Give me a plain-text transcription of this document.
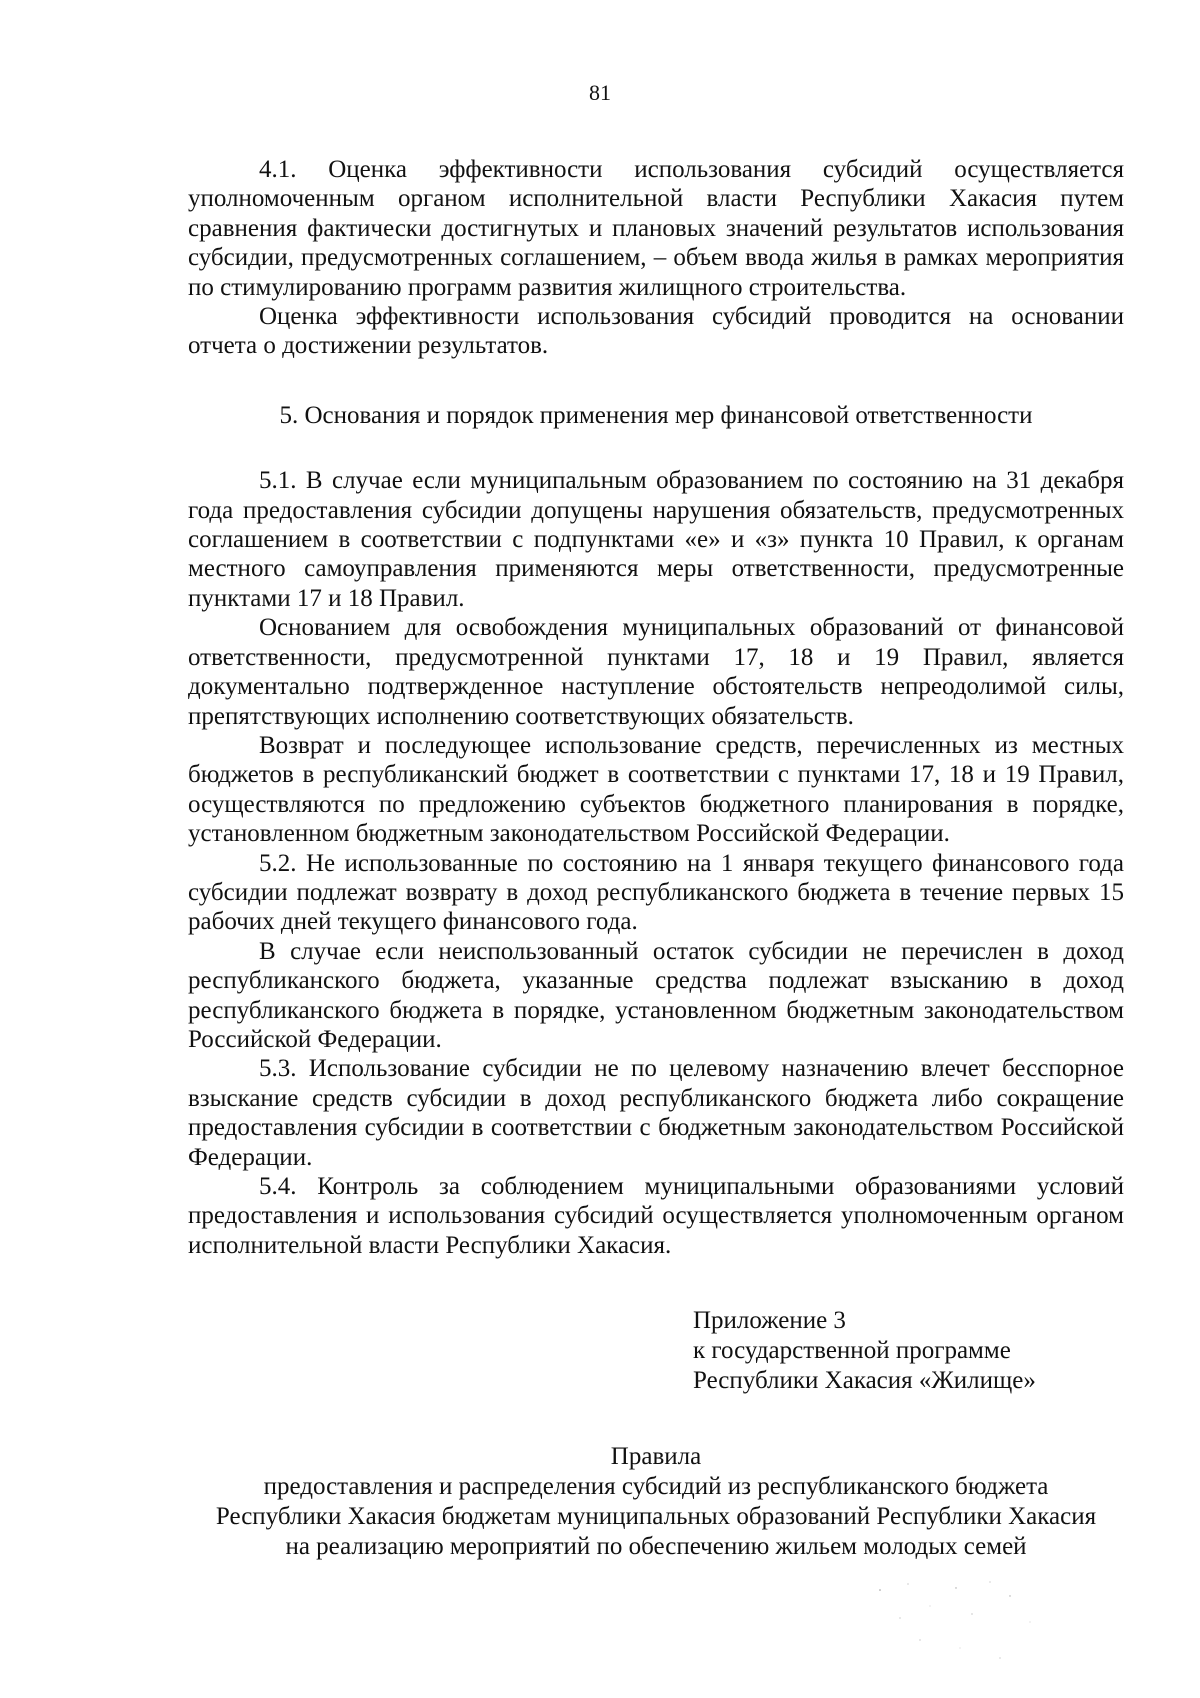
81

4.1. Оценка эффективности использования субсидий осуществляется уполномоченным органом исполнительной власти Республики Хакасия путем сравнения фактически достигнутых и плановых значений результатов использования субсидии, предусмотренных соглашением, – объем ввода жилья в рамках мероприятия по стимулированию программ развития жилищного строительства.

Оценка эффективности использования субсидий проводится на основании отчета о достижении результатов.

5. Основания и порядок применения мер финансовой ответственности

5.1. В случае если муниципальным образованием по состоянию на 31 декабря года предоставления субсидии допущены нарушения обязательств, предусмотренных соглашением в соответствии с подпунктами «е» и «з» пункта 10 Правил, к органам местного самоуправления применяются меры ответственности, предусмотренные пунктами 17 и 18 Правил.

Основанием для освобождения муниципальных образований от финансовой ответственности, предусмотренной пунктами 17, 18 и 19 Правил, является документально подтвержденное наступление обстоятельств непреодолимой силы, препятствующих исполнению соответствующих обязательств.

Возврат и последующее использование средств, перечисленных из местных бюджетов в республиканский бюджет в соответствии с пунктами 17, 18 и 19 Правил, осуществляются по предложению субъектов бюджетного планирования в порядке, установленном бюджетным законодательством Российской Федерации.

5.2. Не использованные по состоянию на 1 января текущего финансового года субсидии подлежат возврату в доход республиканского бюджета в течение первых 15 рабочих дней текущего финансового года.

В случае если неиспользованный остаток субсидии не перечислен в доход республиканского бюджета, указанные средства подлежат взысканию в доход республиканского бюджета в порядке, установленном бюджетным законодательством Российской Федерации.

5.3. Использование субсидии не по целевому назначению влечет бесспорное взыскание средств субсидии в доход республиканского бюджета либо сокращение предоставления субсидии в соответствии с бюджетным законодательством Российской Федерации.

5.4. Контроль за соблюдением муниципальными образованиями условий предоставления и использования субсидий осуществляется уполномоченным органом исполнительной власти Республики Хакасия.

Приложение 3
к государственной программе
Республики Хакасия «Жилище»
Правила
предоставления и распределения субсидий из республиканского бюджета
Республики Хакасия бюджетам муниципальных образований Республики Хакасия
на реализацию мероприятий по обеспечению жильем молодых семей
